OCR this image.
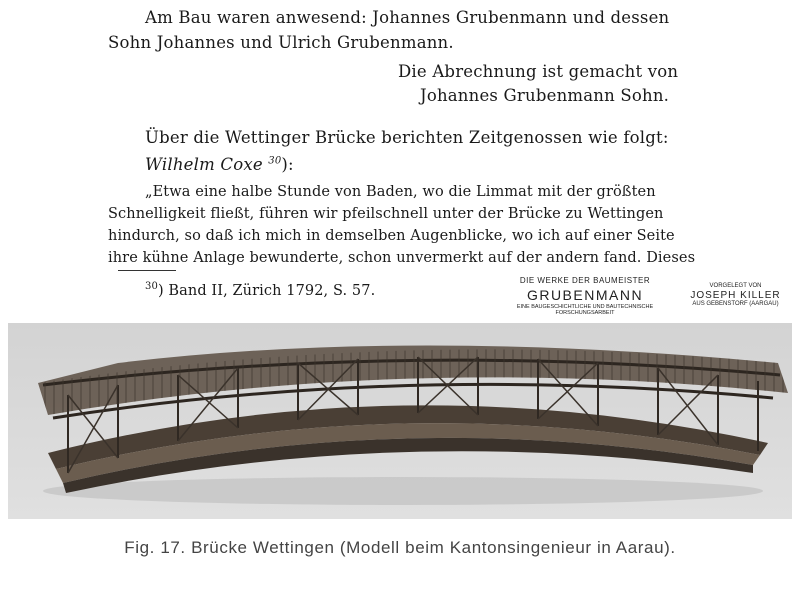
Am Bau waren anwesend: Johannes Grubenmann und dessen
Sohn Johannes und Ulrich Grubenmann.
Die Abrechnung ist gemacht von
Johannes Grubenmann Sohn.
Über die Wettinger Brücke berichten Zeitgenossen wie folgt:
Wilhelm Coxe $^{30}$):
„Etwa eine halbe Stunde von Baden, wo die Limmat mit der größten
Schnelligkeit fließt, führen wir pfeilschnell unter der Brücke zu Wettingen
hindurch, so daß ich mich in demselben Augenblicke, wo ich auf einer Seite
ihre kühne Anlage bewunderte, schon unvermerkt auf der andern fand. Dieses
$^{30}$) Band II, Zürich 1792, S. 57.
DIE WERKE DER BAUMEISTER
GRUBENMANN
EINE BAUGESCHICHTLICHE UND BAUTECHNISCHE
FORSCHUNGSARBEIT
VORGELEGT VON
JOSEPH KILLER
AUS GEBENSTORF (AARGAU)
Fig. 17. Brücke Wettingen (Modell beim Kantonsingenieur in Aarau).
